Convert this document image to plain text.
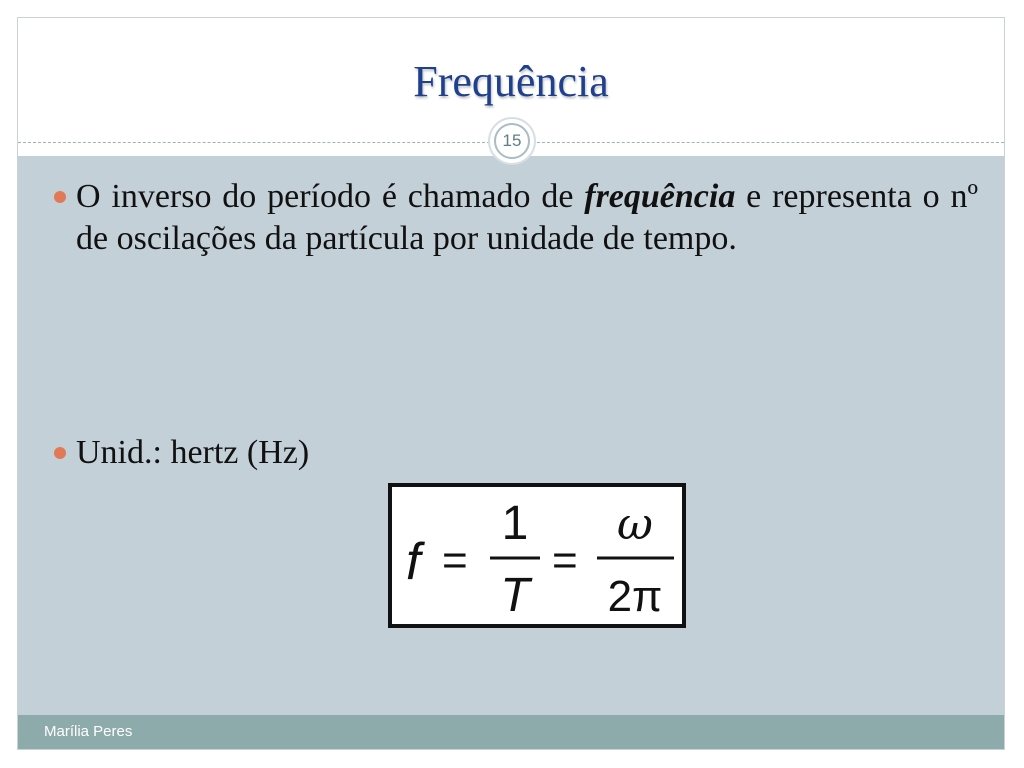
Frequência
15
O inverso do período é chamado de frequência e representa o nº de oscilações da partícula por unidade de tempo.
Unid.: hertz (Hz)
f =
1
T
=
ω
2π
Marília Peres
